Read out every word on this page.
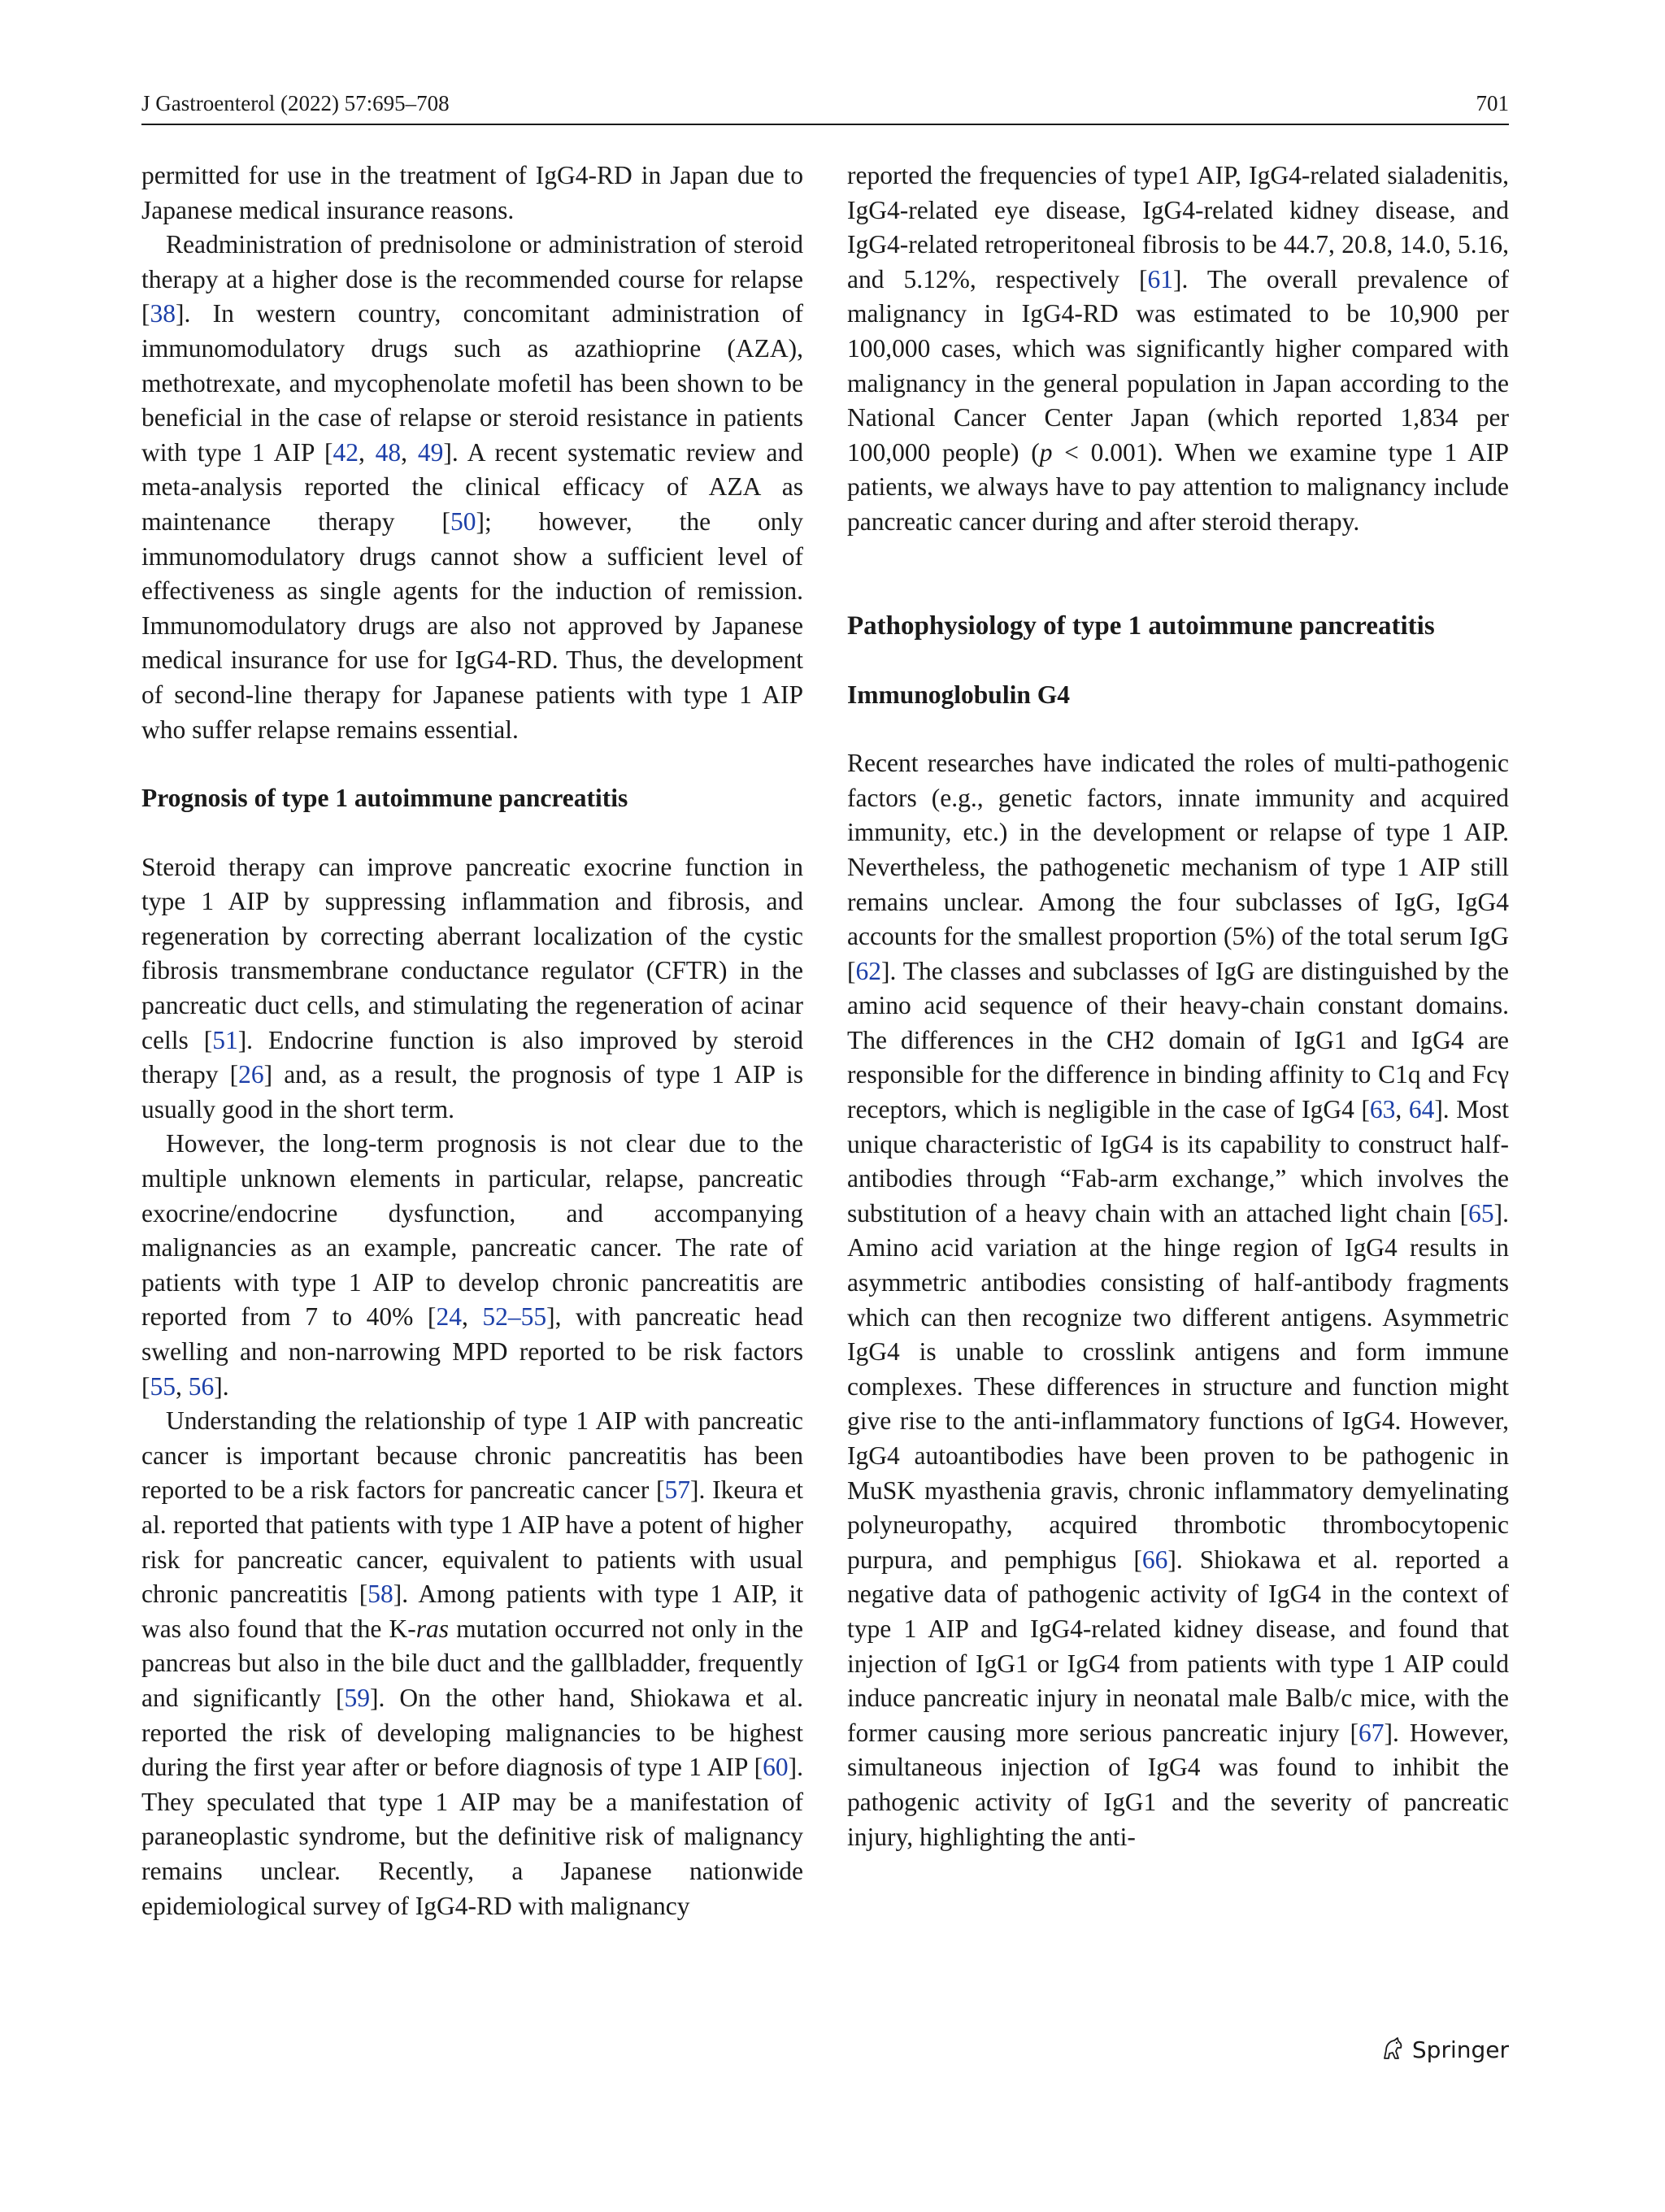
J Gastroenterol (2022) 57:695–708	701

permitted for use in the treatment of IgG4-RD in Japan due to Japanese medical insurance reasons.

Readministration of prednisolone or administration of steroid therapy at a higher dose is the recommended course for relapse [38]. In western country, concomitant administration of immunomodulatory drugs such as azathioprine (AZA), methotrexate, and mycophenolate mofetil has been shown to be beneficial in the case of relapse or steroid resistance in patients with type 1 AIP [42, 48, 49]. A recent systematic review and meta-analysis reported the clinical efficacy of AZA as maintenance therapy [50]; however, the only immunomodulatory drugs cannot show a sufficient level of effectiveness as single agents for the induction of remission. Immunomodulatory drugs are also not approved by Japanese medical insurance for use for IgG4-RD. Thus, the development of second-line therapy for Japanese patients with type 1 AIP who suffer relapse remains essential.

Prognosis of type 1 autoimmune pancreatitis

Steroid therapy can improve pancreatic exocrine function in type 1 AIP by suppressing inflammation and fibrosis, and regeneration by correcting aberrant localization of the cystic fibrosis transmembrane conductance regulator (CFTR) in the pancreatic duct cells, and stimulating the regeneration of acinar cells [51]. Endocrine function is also improved by steroid therapy [26] and, as a result, the prognosis of type 1 AIP is usually good in the short term.

However, the long-term prognosis is not clear due to the multiple unknown elements in particular, relapse, pancreatic exocrine/endocrine dysfunction, and accompanying malignancies as an example, pancreatic cancer. The rate of patients with type 1 AIP to develop chronic pancreatitis are reported from 7 to 40% [24, 52–55], with pancreatic head swelling and non-narrowing MPD reported to be risk factors [55, 56].

Understanding the relationship of type 1 AIP with pancreatic cancer is important because chronic pancreatitis has been reported to be a risk factors for pancreatic cancer [57]. Ikeura et al. reported that patients with type 1 AIP have a potent of higher risk for pancreatic cancer, equivalent to patients with usual chronic pancreatitis [58]. Among patients with type 1 AIP, it was also found that the K-ras mutation occurred not only in the pancreas but also in the bile duct and the gallbladder, frequently and significantly [59]. On the other hand, Shiokawa et al. reported the risk of developing malignancies to be highest during the first year after or before diagnosis of type 1 AIP [60]. They speculated that type 1 AIP may be a manifestation of paraneoplastic syndrome, but the definitive risk of malignancy remains unclear. Recently, a Japanese nationwide epidemiological survey of IgG4-RD with malignancy

reported the frequencies of type1 AIP, IgG4-related sialadenitis, IgG4-related eye disease, IgG4-related kidney disease, and IgG4-related retroperitoneal fibrosis to be 44.7, 20.8, 14.0, 5.16, and 5.12%, respectively [61]. The overall prevalence of malignancy in IgG4-RD was estimated to be 10,900 per 100,000 cases, which was significantly higher compared with malignancy in the general population in Japan according to the National Cancer Center Japan (which reported 1,834 per 100,000 people) (p < 0.001). When we examine type 1 AIP patients, we always have to pay attention to malignancy include pancreatic cancer during and after steroid therapy.

Pathophysiology of type 1 autoimmune pancreatitis

Immunoglobulin G4

Recent researches have indicated the roles of multi-pathogenic factors (e.g., genetic factors, innate immunity and acquired immunity, etc.) in the development or relapse of type 1 AIP. Nevertheless, the pathogenetic mechanism of type 1 AIP still remains unclear. Among the four subclasses of IgG, IgG4 accounts for the smallest proportion (5%) of the total serum IgG [62]. The classes and subclasses of IgG are distinguished by the amino acid sequence of their heavy-chain constant domains. The differences in the CH2 domain of IgG1 and IgG4 are responsible for the difference in binding affinity to C1q and Fcγ receptors, which is negligible in the case of IgG4 [63, 64]. Most unique characteristic of IgG4 is its capability to construct half-antibodies through “Fab-arm exchange,” which involves the substitution of a heavy chain with an attached light chain [65]. Amino acid variation at the hinge region of IgG4 results in asymmetric antibodies consisting of half-antibody fragments which can then recognize two different antigens. Asymmetric IgG4 is unable to crosslink antigens and form immune complexes. These differences in structure and function might give rise to the anti-inflammatory functions of IgG4. However, IgG4 autoantibodies have been proven to be pathogenic in MuSK myasthenia gravis, chronic inflammatory demyelinating polyneuropathy, acquired thrombotic thrombocytopenic purpura, and pemphigus [66]. Shiokawa et al. reported a negative data of pathogenic activity of IgG4 in the context of type 1 AIP and IgG4-related kidney disease, and found that injection of IgG1 or IgG4 from patients with type 1 AIP could induce pancreatic injury in neonatal male Balb/c mice, with the former causing more serious pancreatic injury [67]. However, simultaneous injection of IgG4 was found to inhibit the pathogenic activity of IgG1 and the severity of pancreatic injury, highlighting the anti-

Springer
